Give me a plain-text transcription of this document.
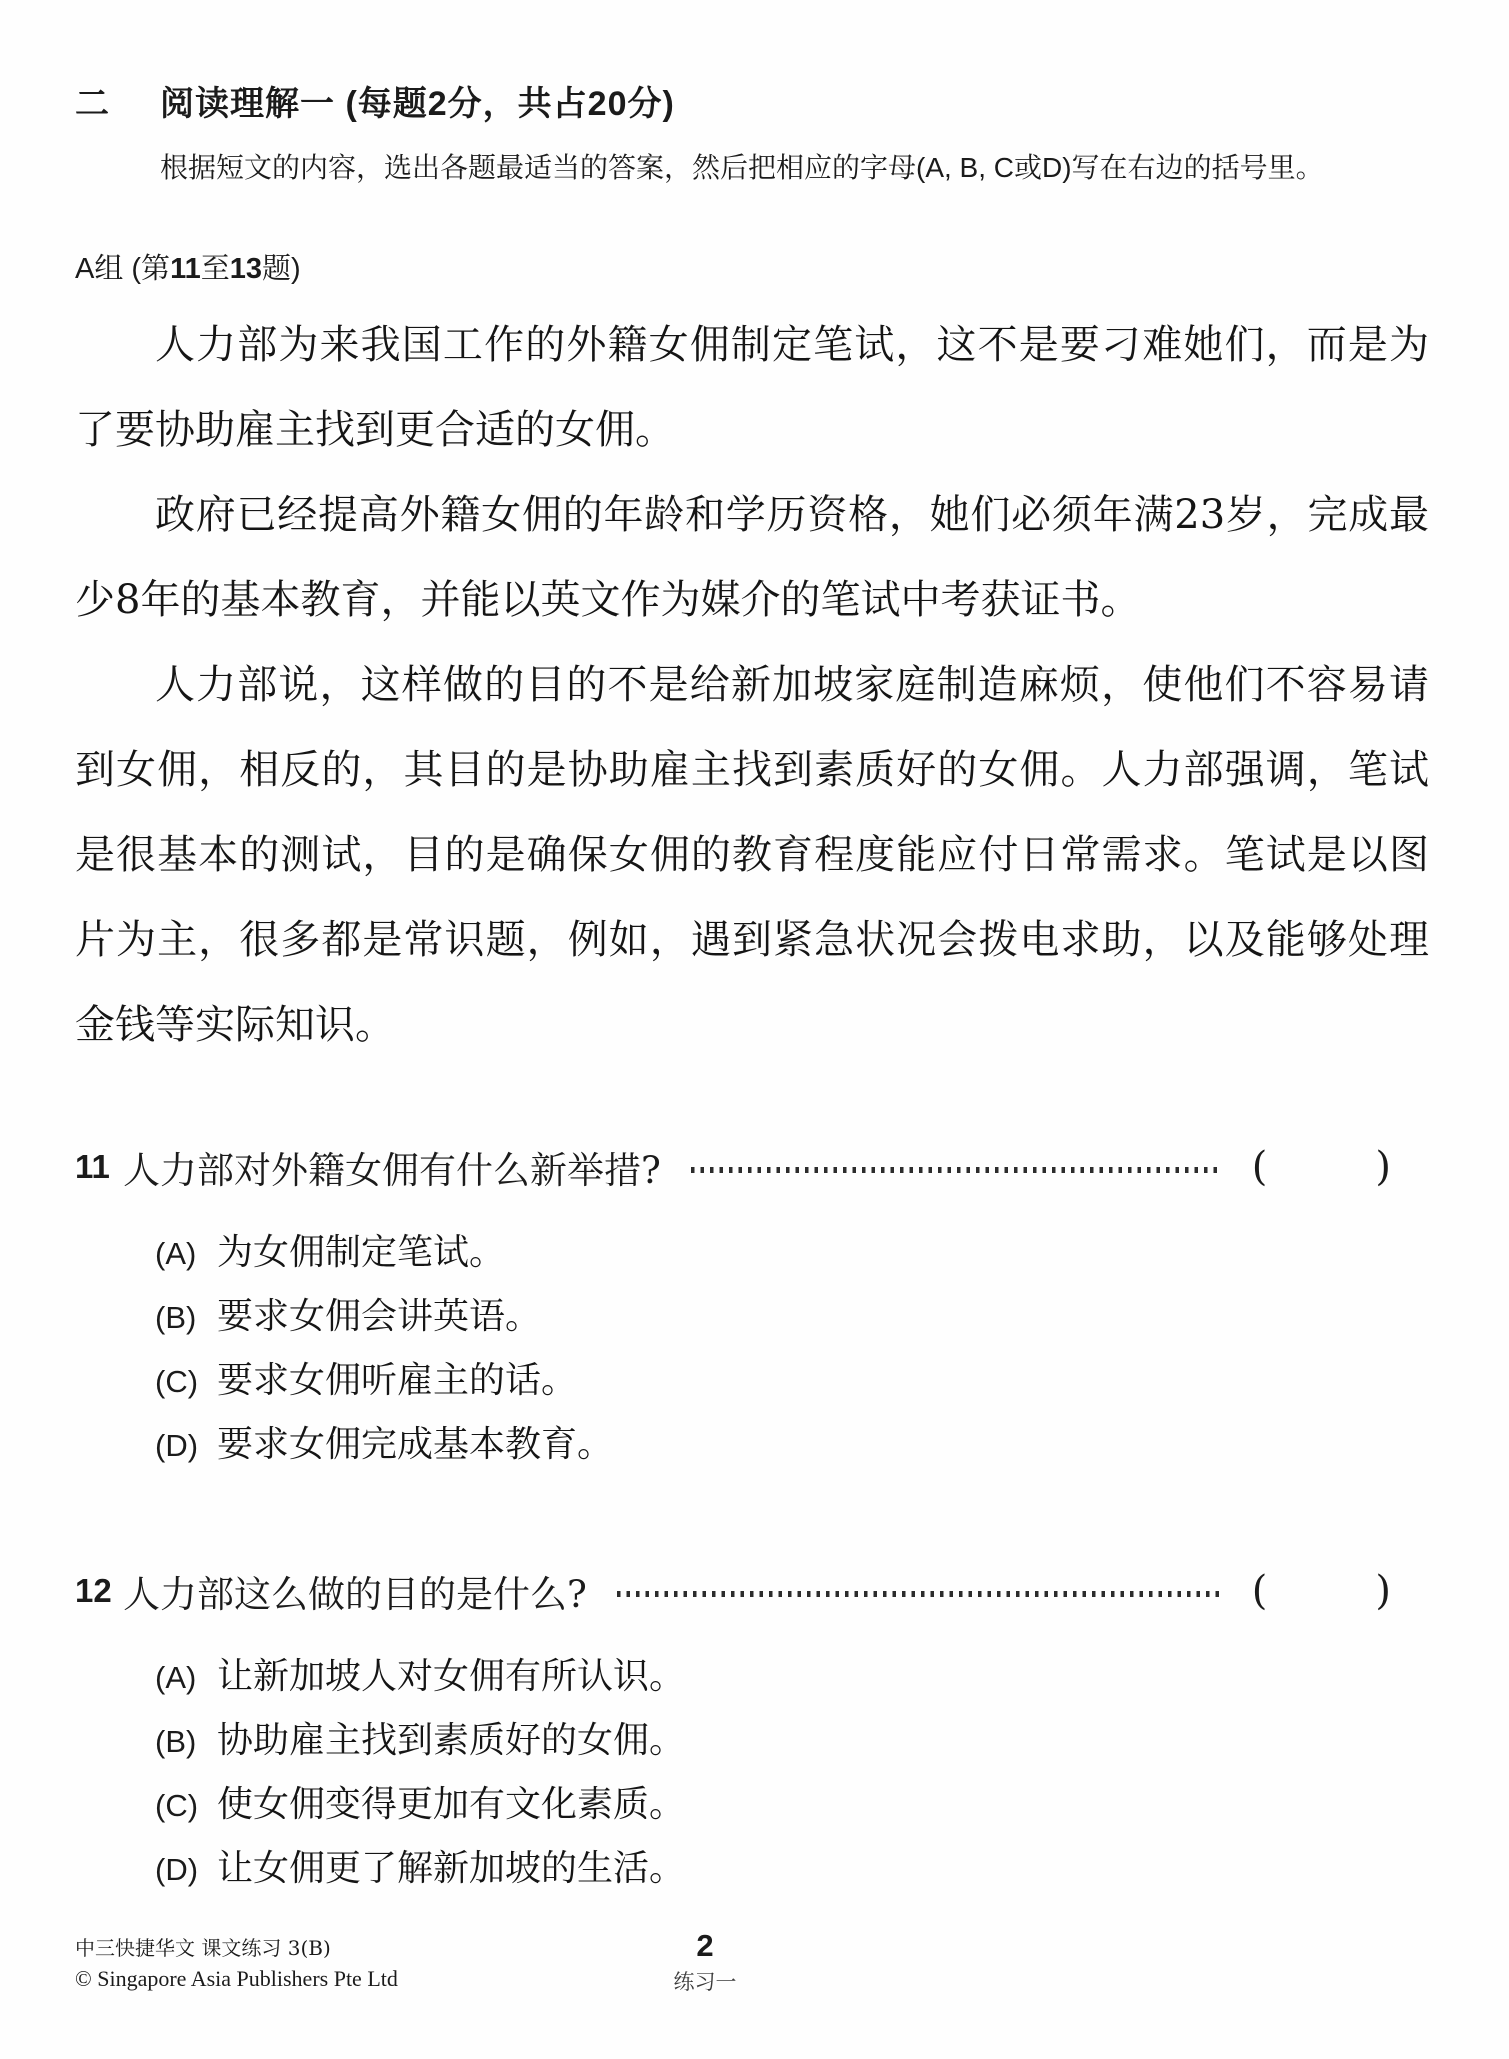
二	阅读理解一 (每题2分，共占20分)

根据短文的内容，选出各题最适当的答案，然后把相应的字母(A, B, C或D)写在右边的括号里。

A组 (第11至13题)

人力部为来我国工作的外籍女佣制定笔试，这不是要刁难她们，而是为了要协助雇主找到更合适的女佣。

政府已经提高外籍女佣的年龄和学历资格，她们必须年满23岁，完成最少8年的基本教育，并能以英文作为媒介的笔试中考获证书。

人力部说，这样做的目的不是给新加坡家庭制造麻烦，使他们不容易请到女佣，相反的，其目的是协助雇主找到素质好的女佣。人力部强调，笔试是很基本的测试，目的是确保女佣的教育程度能应付日常需求。笔试是以图片为主，很多都是常识题，例如，遇到紧急状况会拨电求助，以及能够处理金钱等实际知识。

11 人力部对外籍女佣有什么新举措?	(	)
(A) 为女佣制定笔试。
(B) 要求女佣会讲英语。
(C) 要求女佣听雇主的话。
(D) 要求女佣完成基本教育。
12 人力部这么做的目的是什么?	(	)
(A) 让新加坡人对女佣有所认识。
(B) 协助雇主找到素质好的女佣。
(C) 使女佣变得更加有文化素质。
(D) 让女佣更了解新加坡的生活。
中三快捷华文 课文练习 3(B)
© Singapore Asia Publishers Pte Ltd
2
练习一
